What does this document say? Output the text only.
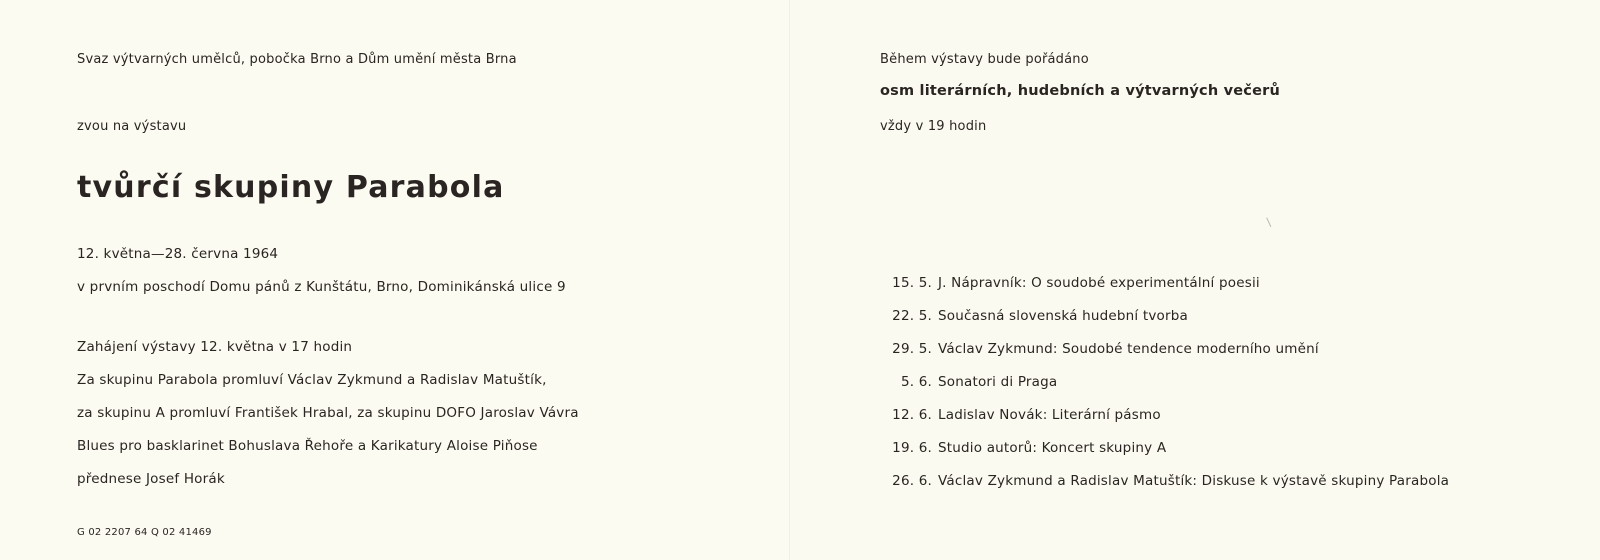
Svaz výtvarných umělců, pobočka Brno a Dům umění města Brna
zvou na výstavu
tvůrčí skupiny Parabola
12. května—28. června 1964
v prvním poschodí Domu pánů z Kunštátu, Brno, Dominikánská ulice 9
Zahájení výstavy 12. května v 17 hodin
Za skupinu Parabola promluví Václav Zykmund a Radislav Matuštík,
za skupinu A promluví František Hrabal, za skupinu DOFO Jaroslav Vávra
Blues pro basklarinet Bohuslava Řehoře a Karikatury Aloise Piňose
přednese Josef Horák
G 02 2207 64 Q 02 41469
Během výstavy bude pořádáno
osm literárních, hudebních a výtvarných večerů
vždy v 19 hodin
15. 5. J. Nápravník: O soudobé experimentální poesii
22. 5. Současná slovenská hudební tvorba
29. 5. Václav Zykmund: Soudobé tendence moderního umění
5. 6. Sonatori di Praga
12. 6. Ladislav Novák: Literární pásmo
19. 6. Studio autorů: Koncert skupiny A
26. 6. Václav Zykmund a Radislav Matuštík: Diskuse k výstavě skupiny Parabola
